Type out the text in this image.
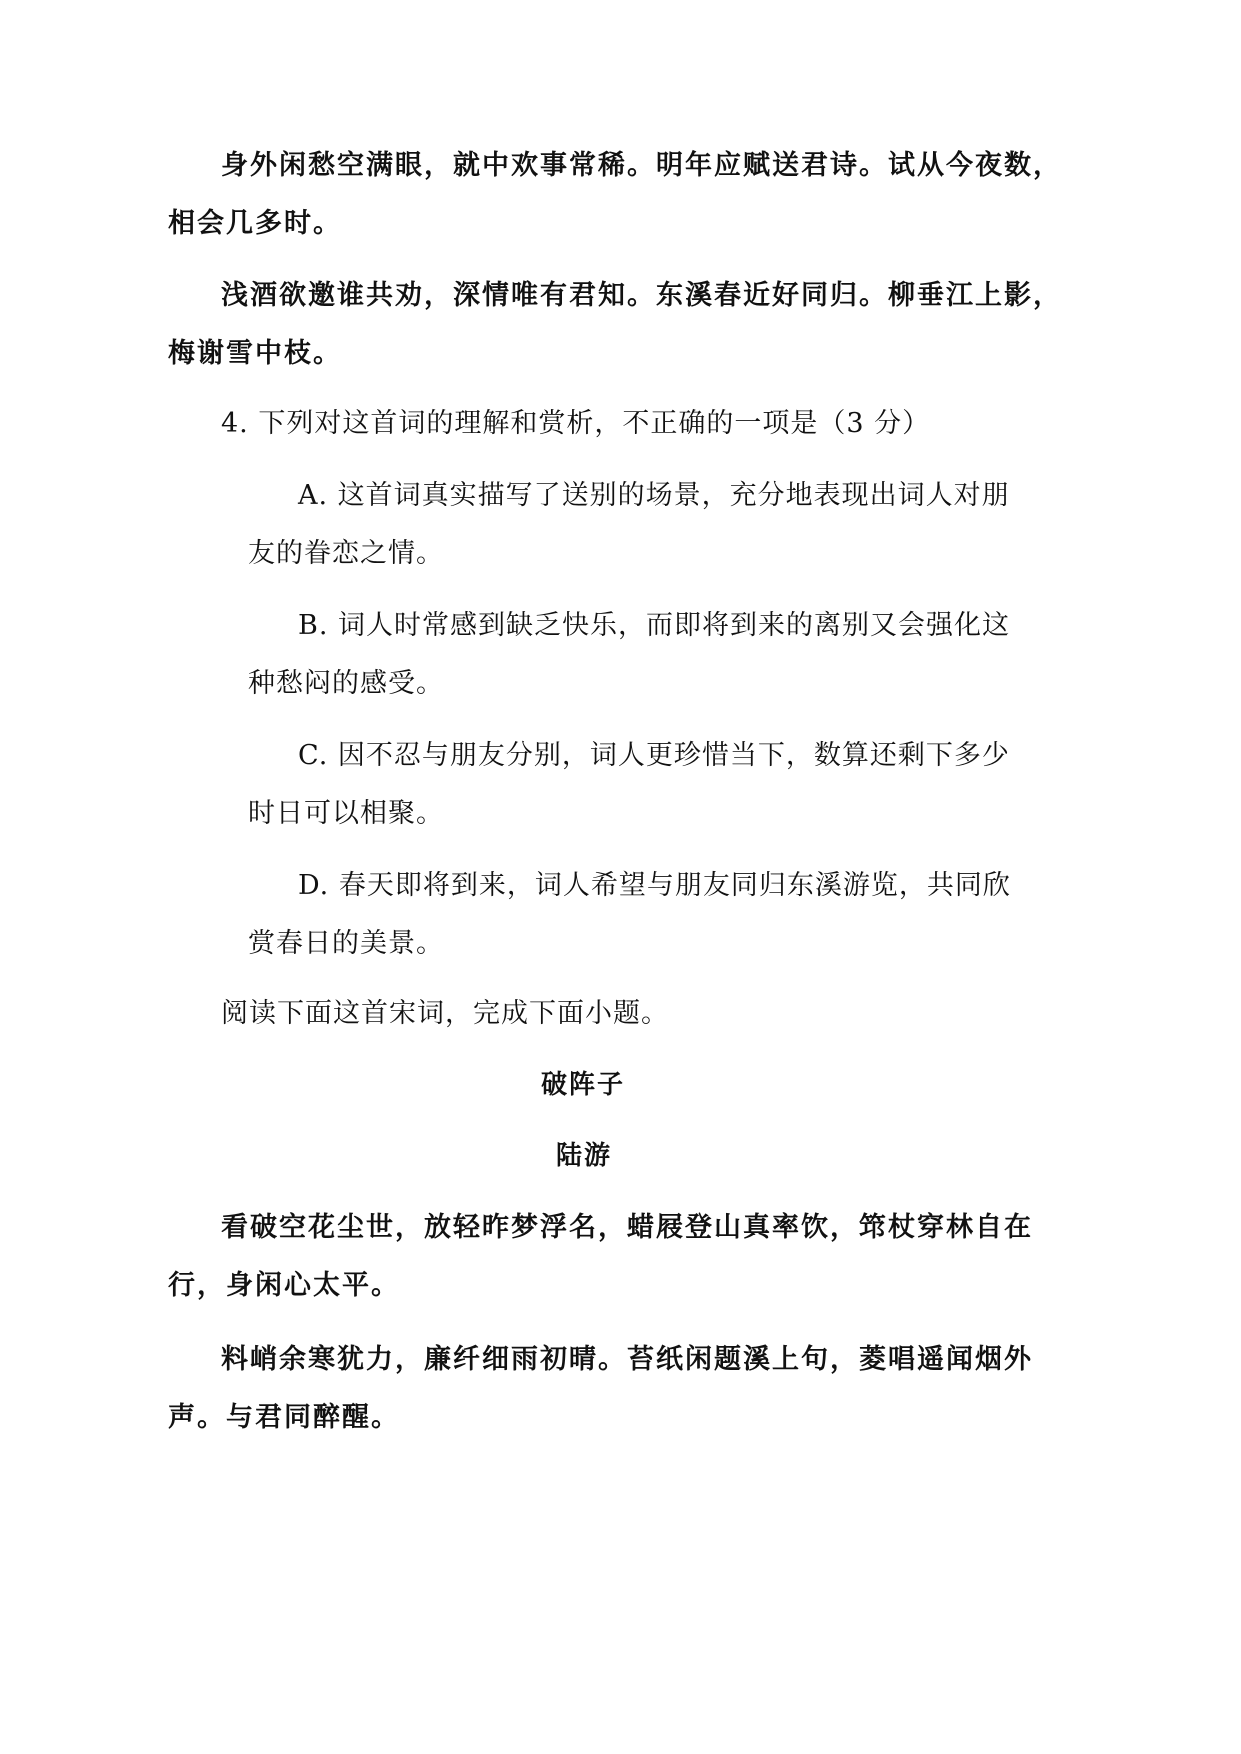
身外闲愁空满眼，就中欢事常稀。明年应赋送君诗。试从今夜数，
相会几多时。
浅酒欲邀谁共劝，深情唯有君知。东溪春近好同归。柳垂江上影，
梅谢雪中枝。
4. 下列对这首词的理解和赏析，不正确的一项是（3 分）
A. 这首词真实描写了送别的场景，充分地表现出词人对朋
友的眷恋之情。
B. 词人时常感到缺乏快乐，而即将到来的离别又会强化这
种愁闷的感受。
C. 因不忍与朋友分别，词人更珍惜当下，数算还剩下多少
时日可以相聚。
D. 春天即将到来，词人希望与朋友同归东溪游览，共同欣
赏春日的美景。
阅读下面这首宋词，完成下面小题。
破阵子
陆游
看破空花尘世，放轻昨梦浮名，蜡屐登山真率饮，筇杖穿林自在
行，身闲心太平。
料峭余寒犹力，廉纤细雨初晴。苔纸闲题溪上句，菱唱遥闻烟外
声。与君同醉醒。
